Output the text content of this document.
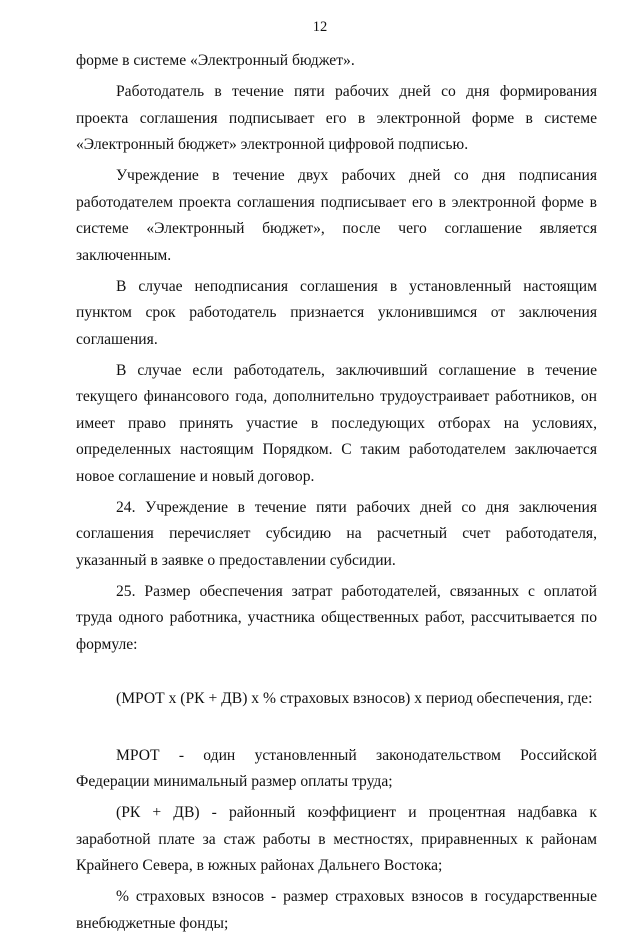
12

форме в системе «Электронный бюджет».

Работодатель в течение пяти рабочих дней со дня формирования проекта соглашения подписывает его в электронной форме в системе «Электронный бюджет» электронной цифровой подписью.

Учреждение в течение двух рабочих дней со дня подписания работодателем проекта соглашения подписывает его в электронной форме в системе «Электронный бюджет», после чего соглашение является заключенным.

В случае неподписания соглашения в установленный настоящим пунктом срок работодатель признается уклонившимся от заключения соглашения.

В случае если работодатель, заключивший соглашение в течение текущего финансового года, дополнительно трудоустраивает работников, он имеет право принять участие в последующих отборах на условиях, определенных настоящим Порядком. С таким работодателем заключается новое соглашение и новый договор.

24. Учреждение в течение пяти рабочих дней со дня заключения соглашения перечисляет субсидию на расчетный счет работодателя, указанный в заявке о предоставлении субсидии.

25. Размер обеспечения затрат работодателей, связанных с оплатой труда одного работника, участника общественных работ, рассчитывается по формуле:

(МРОТ х (РК + ДВ) х % страховых взносов) х период обеспечения, где:

МРОТ - один установленный законодательством Российской Федерации минимальный размер оплаты труда;

(РК + ДВ) - районный коэффициент и процентная надбавка к заработной плате за стаж работы в местностях, приравненных к районам Крайнего Севера, в южных районах Дальнего Востока;

% страховых взносов - размер страховых взносов в государственные внебюджетные фонды;
